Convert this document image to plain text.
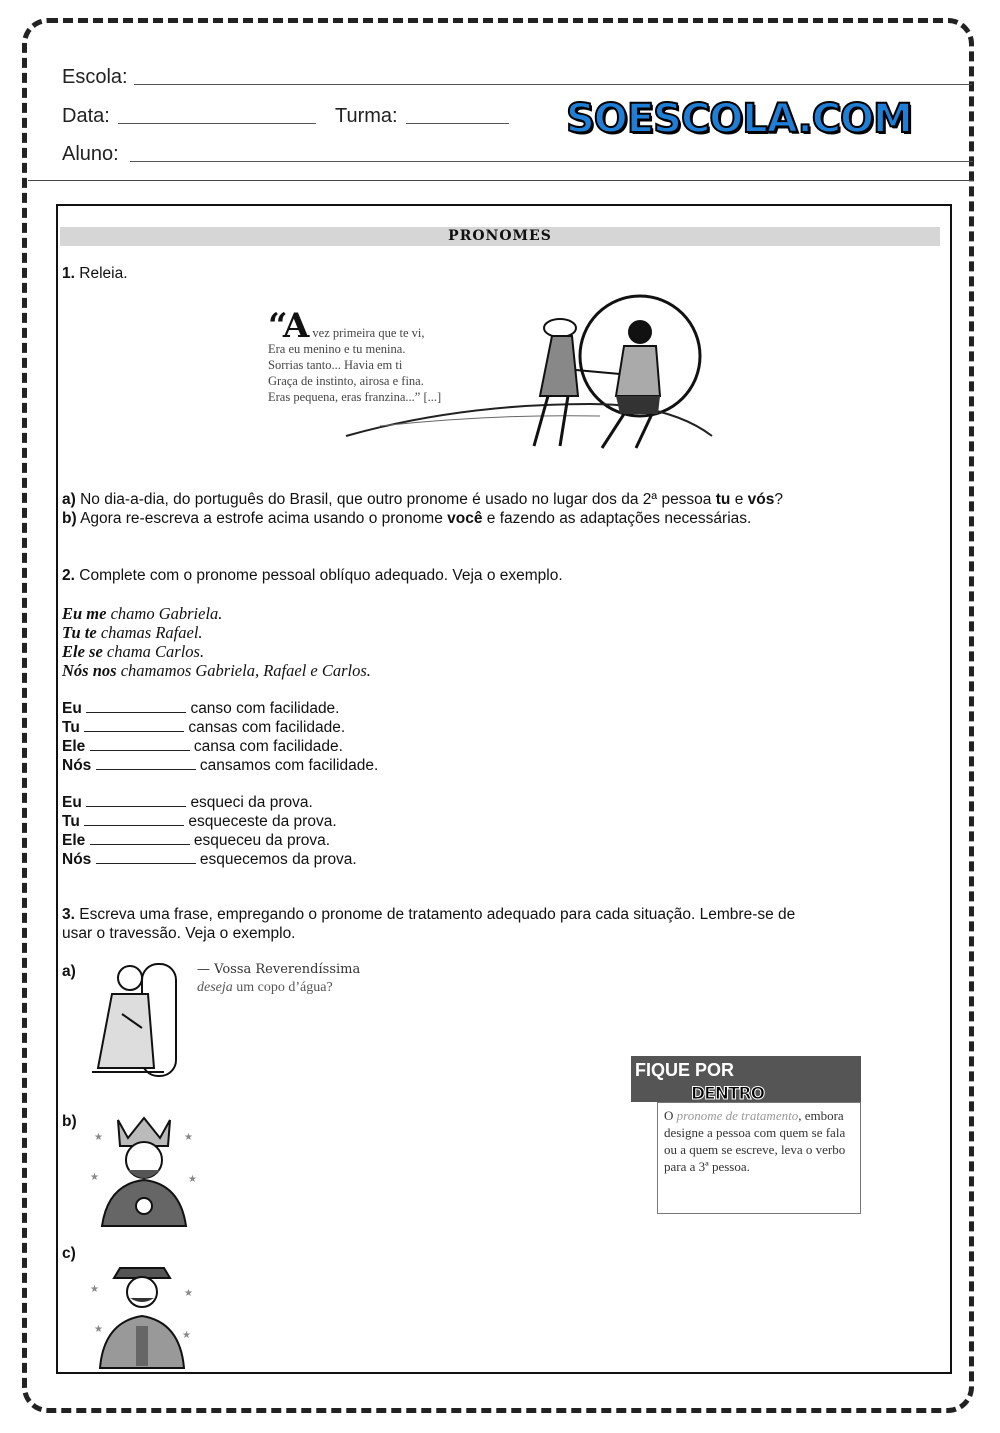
Escola:
Data:	Turma:
Aluno:
SOESCOLA.COM
PRONOMES
1. Releia.
“A vez primeira que te vi,
Era eu menino e tu menina.
Sorrias tanto... Havia em ti
Graça de instinto, airosa e fina.
Eras pequena, eras franzina...” [...]
a) No dia-a-dia, do português do Brasil, que outro pronome é usado no lugar dos da 2ª pessoa tu e vós?
b) Agora re-escreva a estrofe acima usando o pronome você e fazendo as adaptações necessárias.
2. Complete com o pronome pessoal oblíquo adequado. Veja o exemplo.
Eu me chamo Gabriela.
Tu te chamas Rafael.
Ele se chama Carlos.
Nós nos chamamos Gabriela, Rafael e Carlos.
Eu	canso com facilidade.
Tu	cansas com facilidade.
Ele	cansa com facilidade.
Nós	cansamos com facilidade.
Eu	esqueci da prova.
Tu	esqueceste da prova.
Ele	esqueceu da prova.
Nós	esquecemos da prova.
3. Escreva uma frase, empregando o pronome de tratamento adequado para cada situação. Lembre-se de
usar o travessão. Veja o exemplo.
a)	— Vossa Reverendíssima
deseja um copo d’água?
b)
★	★
★	★
c)
★	★
★
★
FIQUE POR
DENTRO
O pronome de tratamento, embora designe a pessoa com quem se fala ou a quem se escreve, leva o verbo para a 3ª pessoa.
